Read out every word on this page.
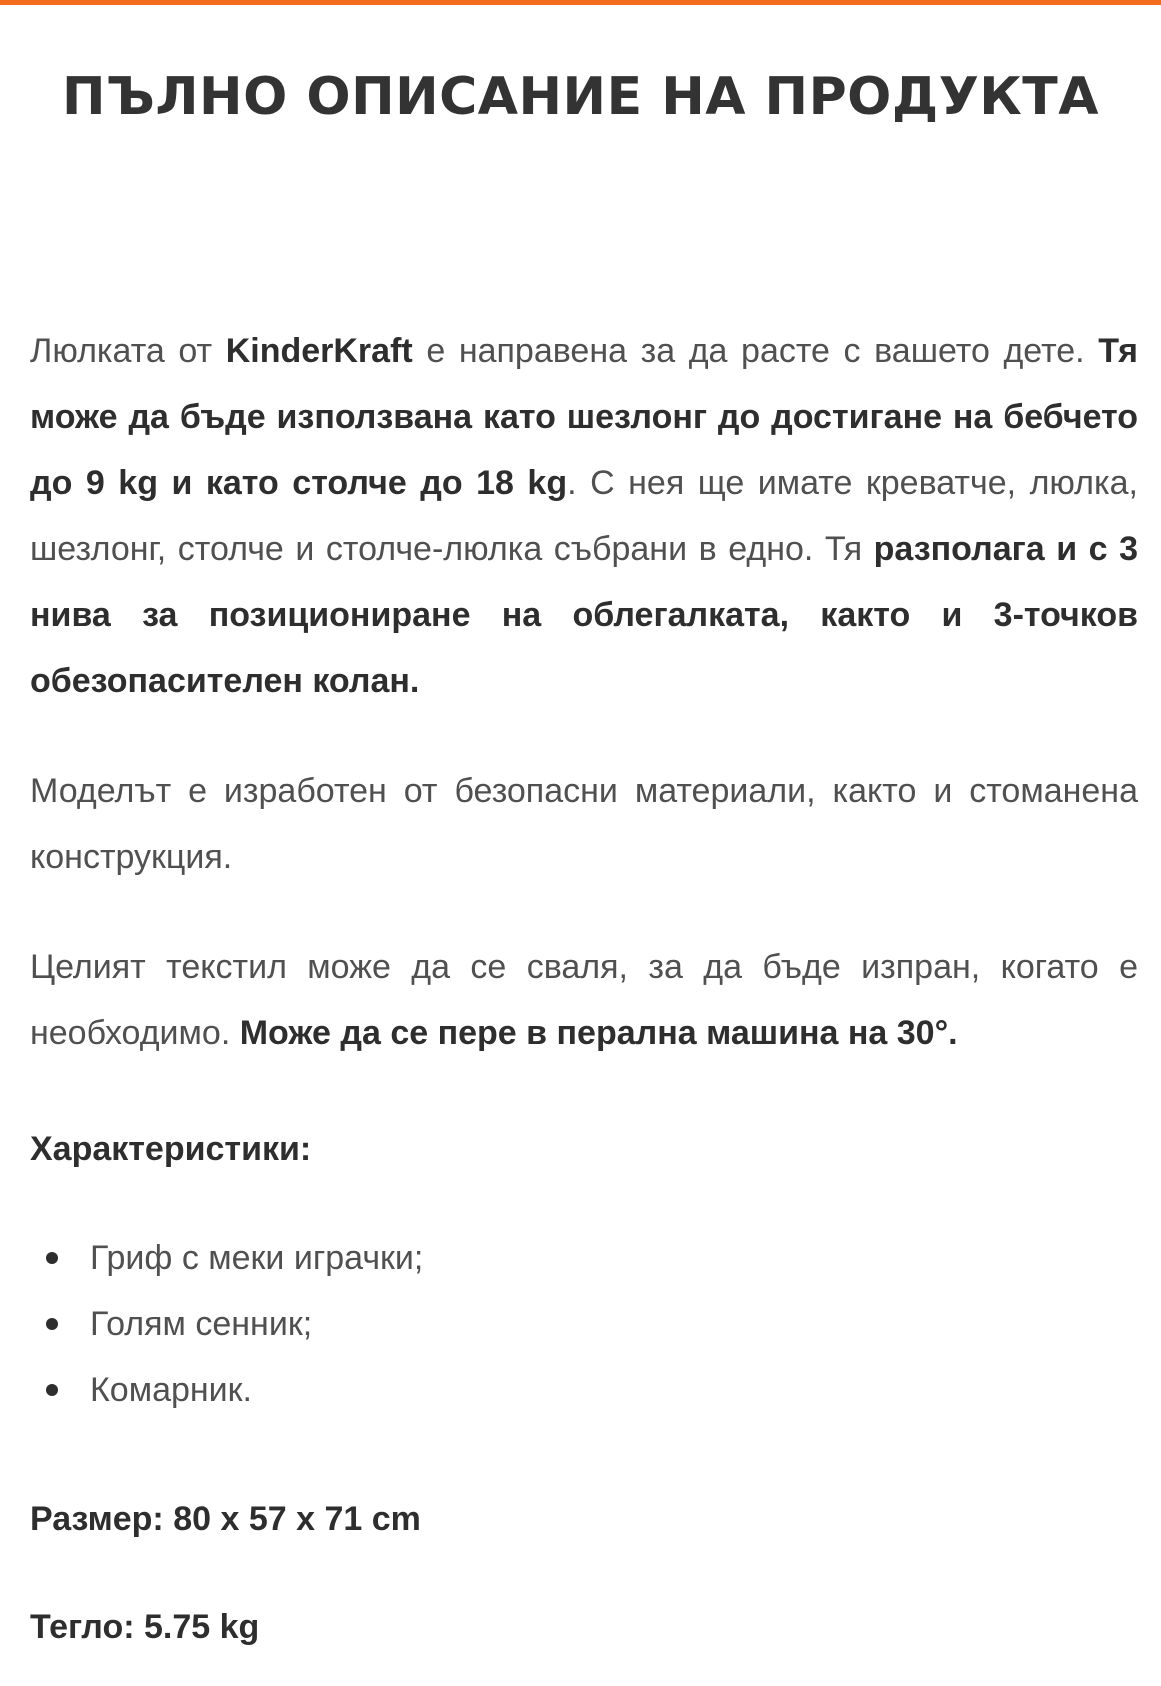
ПЪЛНО ОПИСАНИЕ НА ПРОДУКТА

Люлката от KinderKraft е направена за да расте с вашето дете. Тя може да бъде използвана като шезлонг до достигане на бебчето до 9 kg и като столче до 18 kg. С нея ще имате креватче, люлка, шезлонг, столче и столче-люлка събрани в едно. Тя разполага и с 3 нива за позициониране на облегалката, както и 3-точков обезопасителен колан.

Моделът е изработен от безопасни материали, както и стоманена конструкция.

Целият текстил може да се сваля, за да бъде изпран, когато е необходимо. Може да се пере в перална машина на 30°.

Характеристики:

Гриф с меки играчки;
Голям сенник;
Комарник.

Размер: 80 x 57 x 71 cm

Тегло: 5.75 kg
